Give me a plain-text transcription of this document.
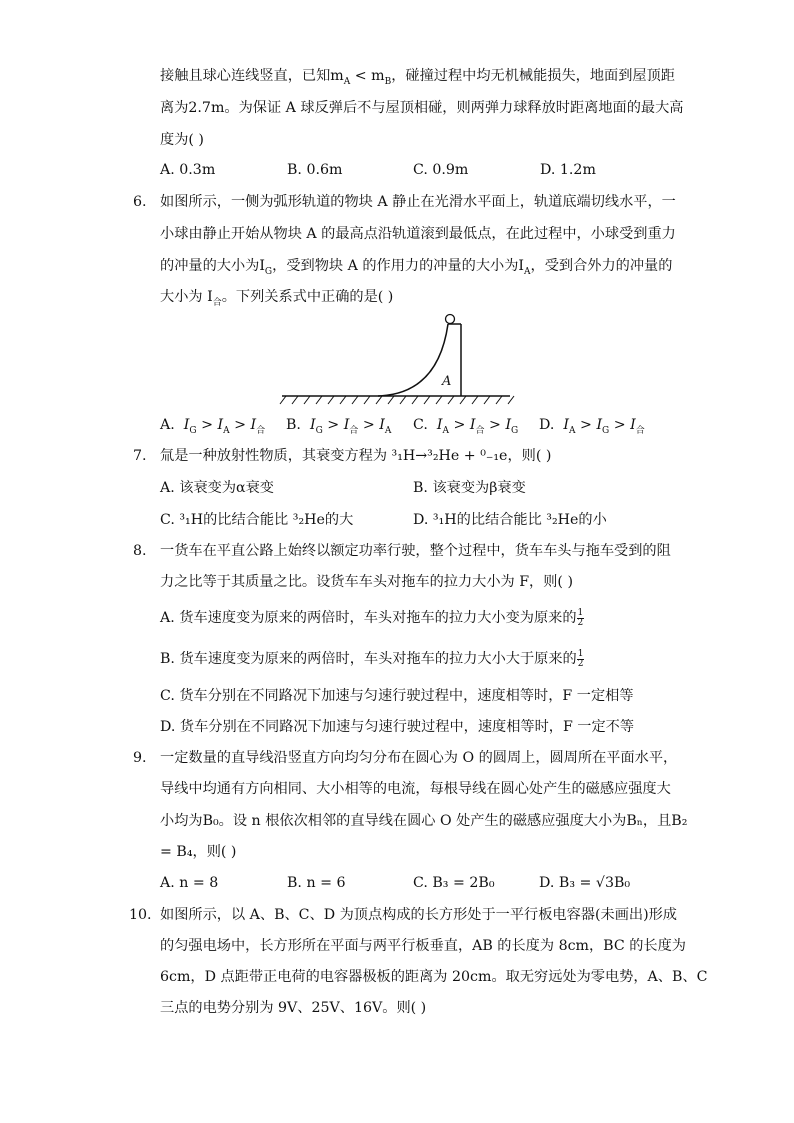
接触且球心连线竖直，已知$m_A < m_B$，碰撞过程中均无机械能损失，地面到屋顶距
离为2.7m。为保证 A 球反弹后不与屋顶相碰，则两弹力球释放时距离地面的最大高
度为( )
A. 0.3m	B. 0.6m	C. 0.9m	D. 1.2m
6. 如图所示，一侧为弧形轨道的物块 A 静止在光滑水平面上，轨道底端切线水平，一
小球由静止开始从物块 A 的最高点沿轨道滚到最低点，在此过程中，小球受到重力
的冲量的大小为$I_G$，受到物块 A 的作用力的冲量的大小为$I_A$，受到合外力的冲量的
大小为 $I_合$。下列关系式中正确的是( )
A
A. $I_G > I_A > I_合$ B. $I_G > I_合 > I_A$ C. $I_A > I_合 > I_G$ D. $I_A > I_G > I_合$
7. 氚是一种放射性物质，其衰变方程为 ³₁H→³₂He + ⁰₋₁e，则( )
A. 该衰变为α衰变	B. 该衰变为β衰变
C. ³₁H的比结合能比 ³₂He的大	D. ³₁H的比结合能比 ³₂He的小
8. 一货车在平直公路上始终以额定功率行驶，整个过程中，货车车头与拖车受到的阻
力之比等于其质量之比。设货车车头对拖车的拉力大小为 F，则( )
A. 货车速度变为原来的两倍时，车头对拖车的拉力大小变为原来的 $\frac{1}{2}$
B. 货车速度变为原来的两倍时，车头对拖车的拉力大小大于原来的 $\frac{1}{2}$
C. 货车分别在不同路况下加速与匀速行驶过程中，速度相等时，F 一定相等
D. 货车分别在不同路况下加速与匀速行驶过程中，速度相等时，F 一定不等
9. 一定数量的直导线沿竖直方向均匀分布在圆心为 O 的圆周上，圆周所在平面水平，
导线中均通有方向相同、大小相等的电流，每根导线在圆心处产生的磁感应强度大
小均为B₀。设 n 根依次相邻的直导线在圆心 O 处产生的磁感应强度大小为Bₙ，且B₂
= B₄，则( )
A. n = 8	B. n = 6	C. B₃ = 2B₀	D. B₃ = √3B₀
10. 如图所示，以 A、B、C、D 为顶点构成的长方形处于一平行板电容器(未画出)形成
的匀强电场中，长方形所在平面与两平行板垂直，AB 的长度为 8cm，BC 的长度为
6cm，D 点距带正电荷的电容器极板的距离为 20cm。取无穷远处为零电势，A、B、C
三点的电势分别为 9V、25V、16V。则( )
